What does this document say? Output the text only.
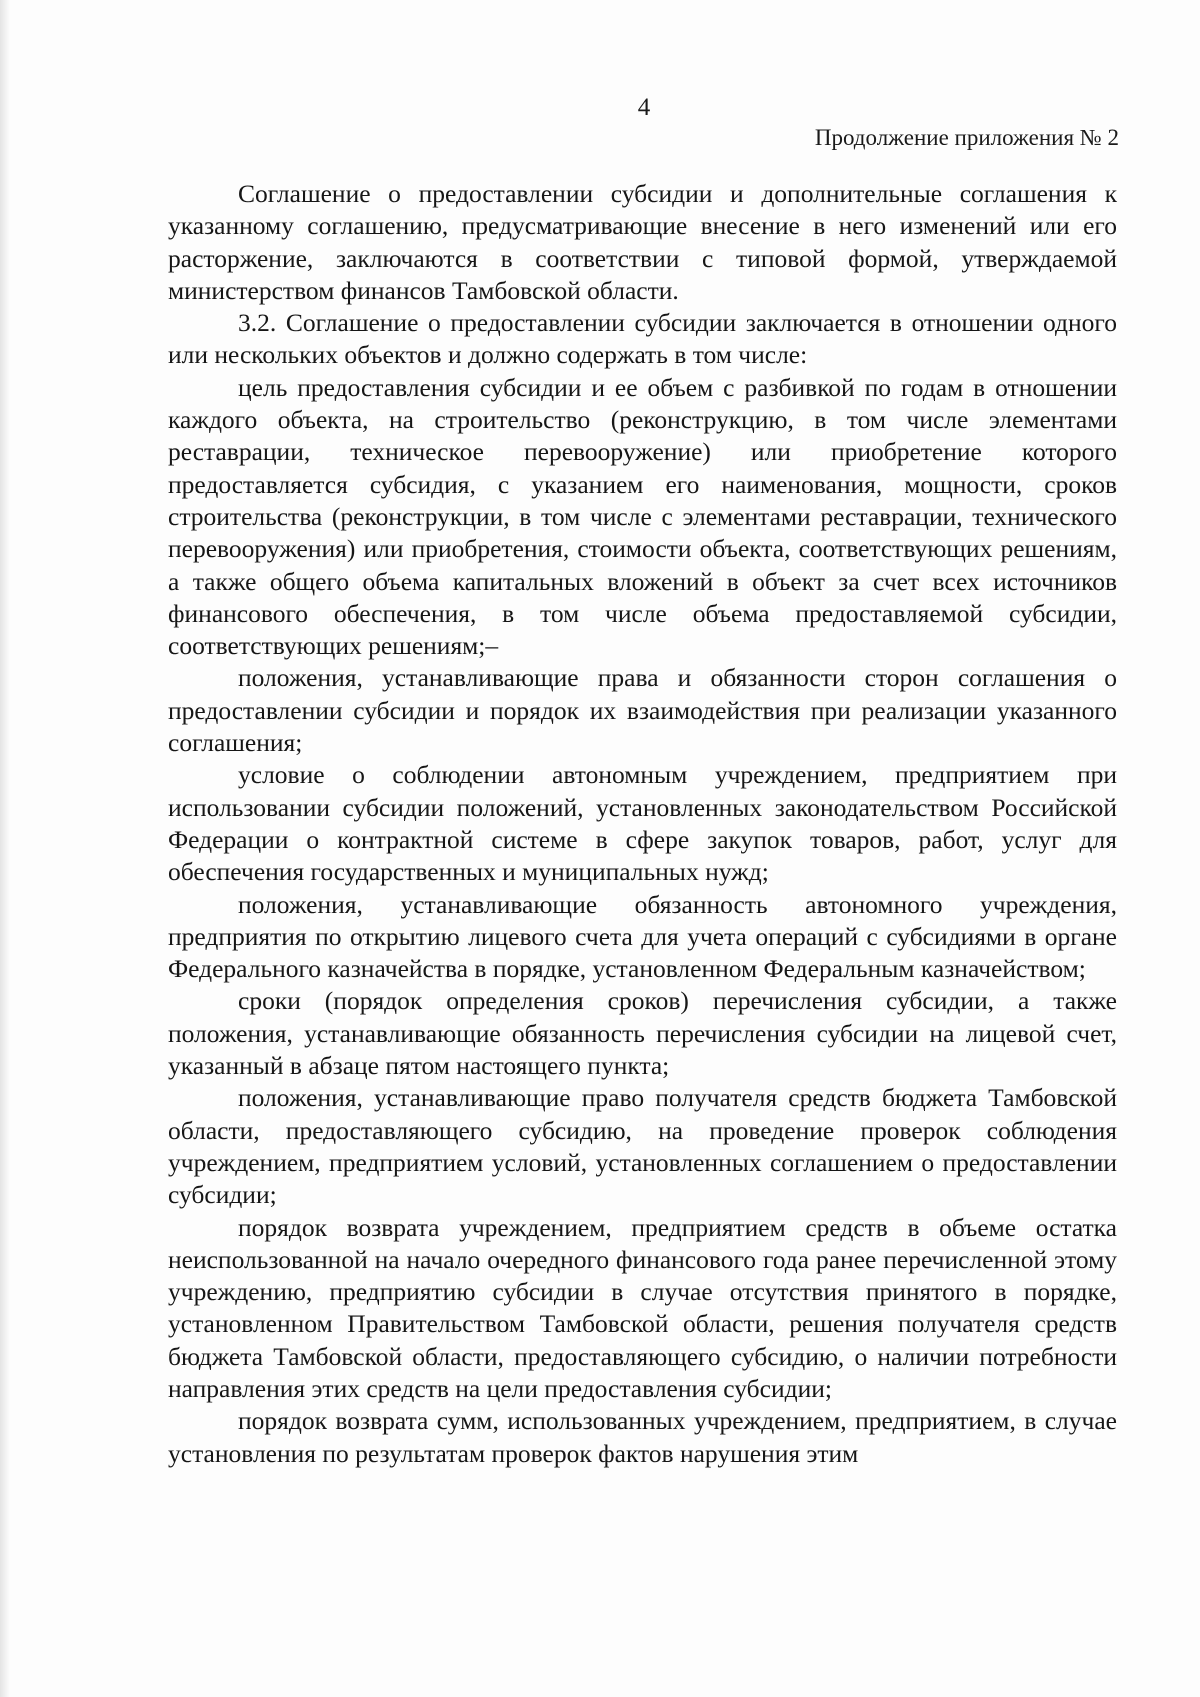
4

Продолжение приложения № 2

Соглашение о предоставлении субсидии и дополнительные соглашения к указанному соглашению, предусматривающие внесение в него изменений или его расторжение, заключаются в соответствии с типовой формой, утверждаемой министерством финансов Тамбовской области.

3.2. Соглашение о предоставлении субсидии заключается в отношении одного или нескольких объектов и должно содержать в том числе:

цель предоставления субсидии и ее объем с разбивкой по годам в отношении каждого объекта, на строительство (реконструкцию, в том числе элементами реставрации, техническое перевооружение) или приобретение которого предоставляется субсидия, с указанием его наименования, мощности, сроков строительства (реконструкции, в том числе с элементами реставрации, технического перевооружения) или приобретения, стоимости объекта, соответствующих решениям, а также общего объема капитальных вложений в объект за счет всех источников финансового обеспечения, в том числе объема предоставляемой субсидии, соответствующих решениям;–

положения, устанавливающие права и обязанности сторон соглашения о предоставлении субсидии и порядок их взаимодействия при реализации указанного соглашения;

условие о соблюдении автономным учреждением, предприятием при использовании субсидии положений, установленных законодательством Российской Федерации о контрактной системе в сфере закупок товаров, работ, услуг для обеспечения государственных и муниципальных нужд;

положения, устанавливающие обязанность автономного учреждения, предприятия по открытию лицевого счета для учета операций с субсидиями в органе Федерального казначейства в порядке, установленном Федеральным казначейством;

сроки (порядок определения сроков) перечисления субсидии, а также положения, устанавливающие обязанность перечисления субсидии на лицевой счет, указанный в абзаце пятом настоящего пункта;

положения, устанавливающие право получателя средств бюджета Тамбовской области, предоставляющего субсидию, на проведение проверок соблюдения учреждением, предприятием условий, установленных соглашением о предоставлении субсидии;

порядок возврата учреждением, предприятием средств в объеме остатка неиспользованной на начало очередного финансового года ранее перечисленной этому учреждению, предприятию субсидии в случае отсутствия принятого в порядке, установленном Правительством Тамбовской области, решения получателя средств бюджета Тамбовской области, предоставляющего субсидию, о наличии потребности направления этих средств на цели предоставления субсидии;

порядок возврата сумм, использованных учреждением, предприятием, в случае установления по результатам проверок фактов нарушения этим
